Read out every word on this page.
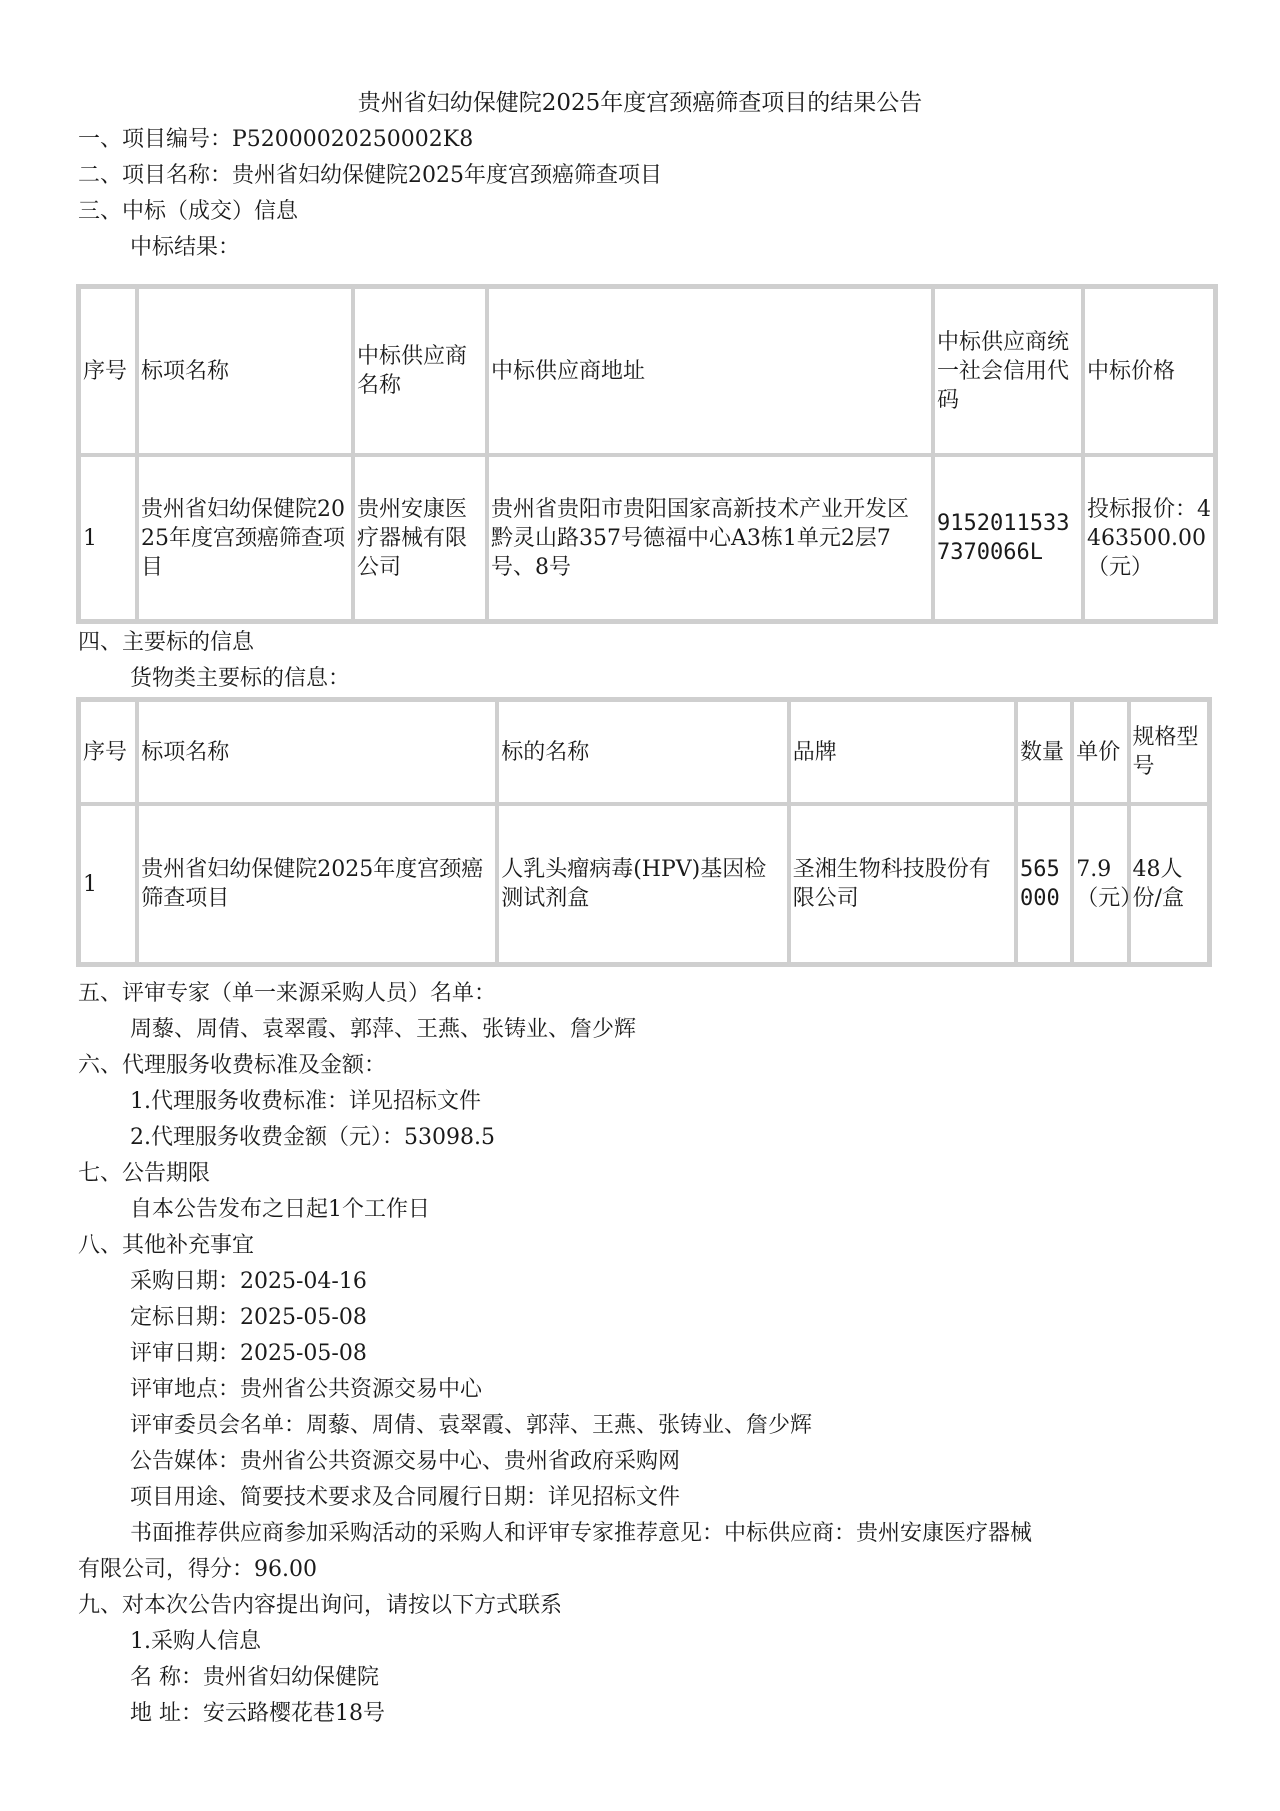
贵州省妇幼保健院2025年度宫颈癌筛查项目的结果公告
一、项目编号：P52000020250002K8
二、项目名称：贵州省妇幼保健院2025年度宫颈癌筛查项目
三、中标（成交）信息
中标结果：
序号	标项名称	中标供应商名称	中标供应商地址	中标供应商统一社会信用代码	中标价格
1	贵州省妇幼保健院2025年度宫颈癌筛查项目	贵州安康医疗器械有限公司	贵州省贵阳市贵阳国家高新技术产业开发区黔灵山路357号德福中心A3栋1单元2层7号、8号	91520115337370066L	投标报价：4463500.00（元）
四、主要标的信息
货物类主要标的信息：
序号	标项名称	标的名称	品牌	数量	单价	规格型号
1	贵州省妇幼保健院2025年度宫颈癌筛查项目	人乳头瘤病毒(HPV)基因检测试剂盒	圣湘生物科技股份有限公司	565000	7.9（元）	48人份/盒
五、评审专家（单一来源采购人员）名单：
周藜、周倩、袁翠霞、郭萍、王燕、张铸业、詹少辉
六、代理服务收费标准及金额：
1.代理服务收费标准：详见招标文件
2.代理服务收费金额（元）：53098.5
七、公告期限
自本公告发布之日起1个工作日
八、其他补充事宜
采购日期：2025-04-16
定标日期：2025-05-08
评审日期：2025-05-08
评审地点：贵州省公共资源交易中心
评审委员会名单：周藜、周倩、袁翠霞、郭萍、王燕、张铸业、詹少辉
公告媒体：贵州省公共资源交易中心、贵州省政府采购网
项目用途、简要技术要求及合同履行日期：详见招标文件
书面推荐供应商参加采购活动的采购人和评审专家推荐意见：中标供应商：贵州安康医疗器械
有限公司，得分：96.00
九、对本次公告内容提出询问，请按以下方式联系
1.采购人信息
名 称：贵州省妇幼保健院
地 址：安云路樱花巷18号
